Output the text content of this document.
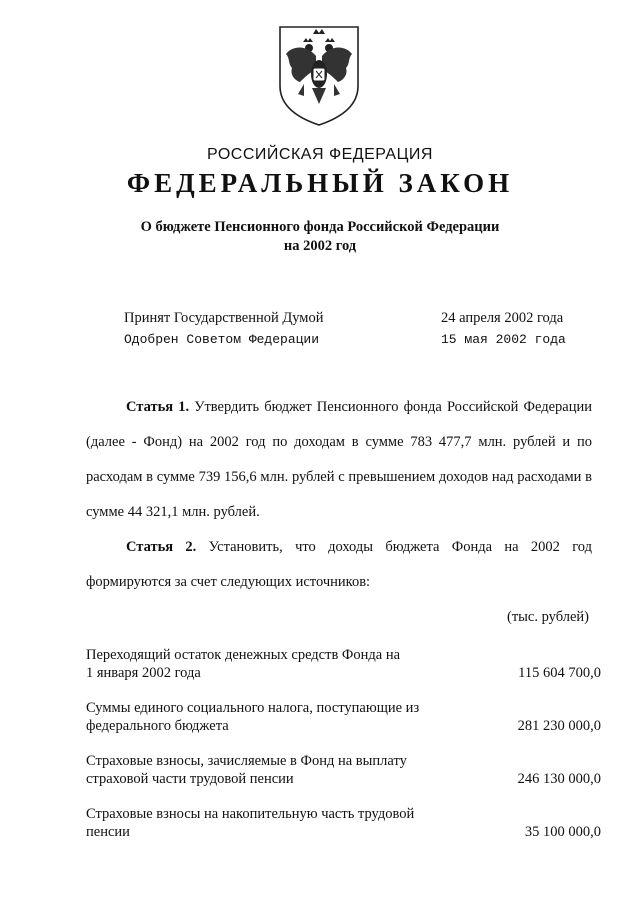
РОССИЙСКАЯ ФЕДЕРАЦИЯ
ФЕДЕРАЛЬНЫЙ ЗАКОН
О бюджете Пенсионного фонда Российской Федерации
на 2002 год
Принят Государственной Думой	24 апреля 2002 года
Одобрен Советом Федерации	15 мая 2002 года

Статья 1. Утвердить бюджет Пенсионного фонда Российской Федерации (далее - Фонд) на 2002 год по доходам в сумме 783 477,7 млн. рублей и по расходам в сумме 739 156,6 млн. рублей с превышением доходов над расходами в сумме 44 321,1 млн. рублей.

Статья 2. Установить, что доходы бюджета Фонда на 2002 год формируются за счет следующих источников:

(тыс. рублей)
Переходящий остаток денежных средств Фонда на
1 января 2002 года	115 604 700,0
Суммы единого социального налога, поступающие из
федерального бюджета	281 230 000,0
Страховые взносы, зачисляемые в Фонд на выплату
страховой части трудовой пенсии	246 130 000,0
Страховые взносы на накопительную часть трудовой
пенсии	35 100 000,0
